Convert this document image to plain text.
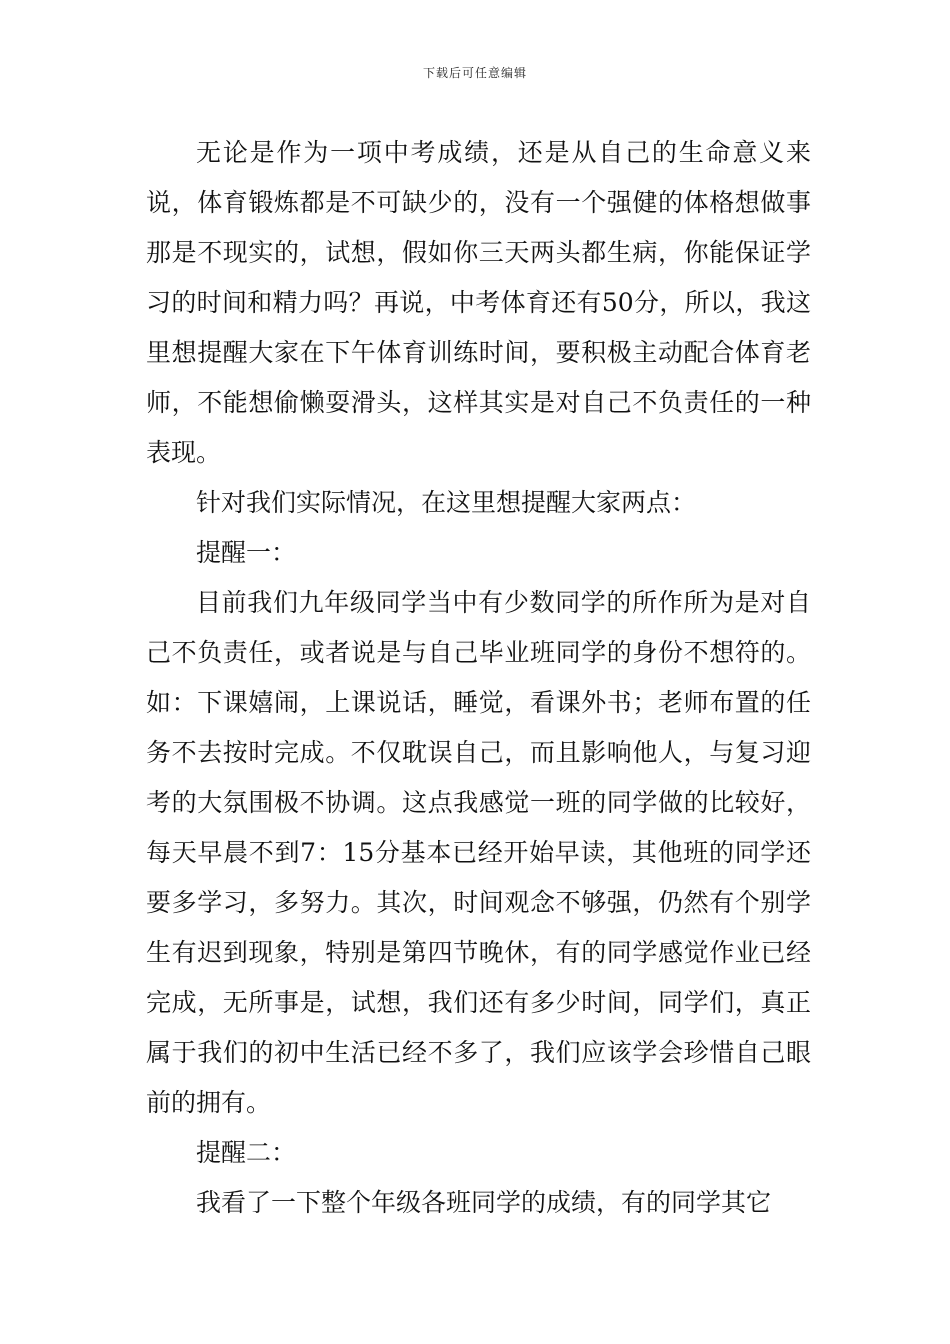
下载后可任意编辑

无论是作为一项中考成绩，还是从自己的生命意义来说，体育锻炼都是不可缺少的，没有一个强健的体格想做事那是不现实的，试想，假如你三天两头都生病，你能保证学习的时间和精力吗？再说，中考体育还有50分，所以，我这里想提醒大家在下午体育训练时间，要积极主动配合体育老师，不能想偷懒耍滑头，这样其实是对自己不负责任的一种表现。

针对我们实际情况，在这里想提醒大家两点：

提醒一：

目前我们九年级同学当中有少数同学的所作所为是对自己不负责任，或者说是与自己毕业班同学的身份不想符的。如：下课嬉闹，上课说话，睡觉，看课外书；老师布置的任务不去按时完成。不仅耽误自己，而且影响他人，与复习迎考的大氛围极不协调。这点我感觉一班的同学做的比较好，每天早晨不到7：15分基本已经开始早读，其他班的同学还要多学习，多努力。其次，时间观念不够强，仍然有个别学生有迟到现象，特别是第四节晚休，有的同学感觉作业已经完成，无所事是，试想，我们还有多少时间，同学们，真正属于我们的初中生活已经不多了，我们应该学会珍惜自己眼前的拥有。

提醒二：

我看了一下整个年级各班同学的成绩，有的同学其它
